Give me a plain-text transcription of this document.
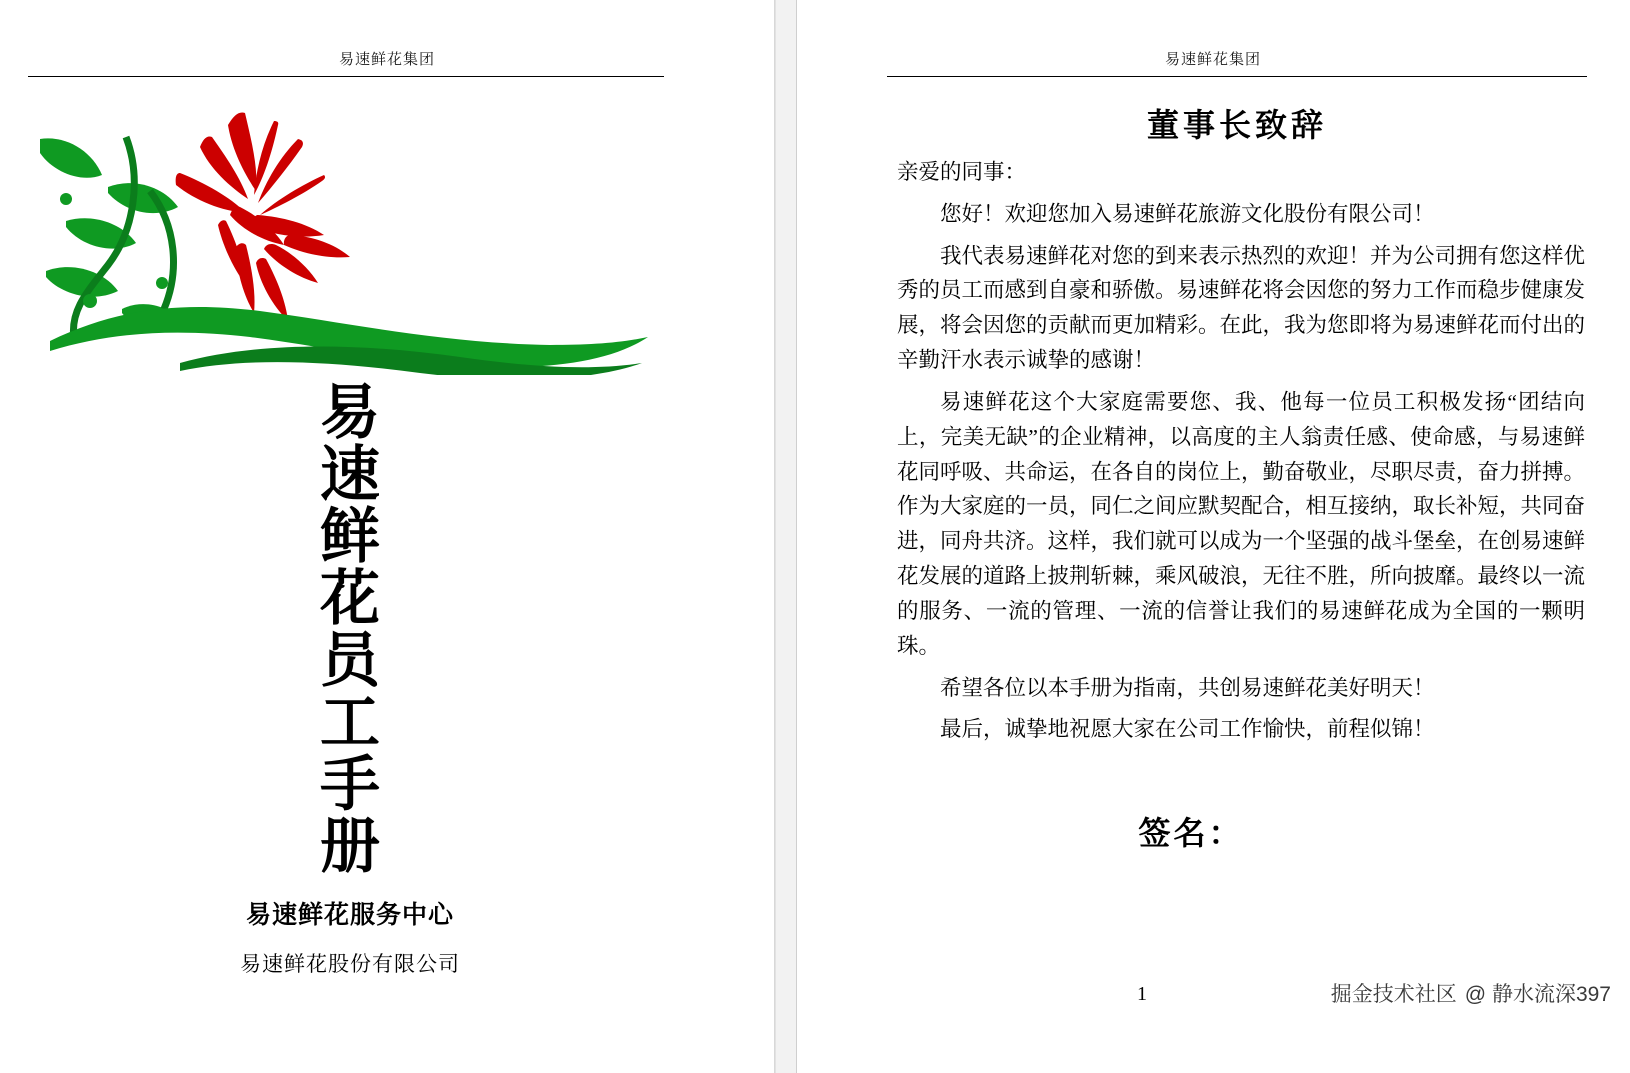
易速鲜花集团
易速鲜花员工手册
易速鲜花服务中心
易速鲜花股份有限公司
易速鲜花集团
董事长致辞

亲爱的同事：

您好！欢迎您加入易速鲜花旅游文化股份有限公司！

我代表易速鲜花对您的到来表示热烈的欢迎！并为公司拥有您这样优秀的员工而感到自豪和骄傲。易速鲜花将会因您的努力工作而稳步健康发展，将会因您的贡献而更加精彩。在此，我为您即将为易速鲜花而付出的辛勤汗水表示诚挚的感谢！

易速鲜花这个大家庭需要您、我、他每一位员工积极发扬“团结向上，完美无缺”的企业精神，以高度的主人翁责任感、使命感，与易速鲜花同呼吸、共命运，在各自的岗位上，勤奋敬业，尽职尽责，奋力拼搏。作为大家庭的一员，同仁之间应默契配合，相互接纳，取长补短，共同奋进，同舟共济。这样，我们就可以成为一个坚强的战斗堡垒，在创易速鲜花发展的道路上披荆斩棘，乘风破浪，无往不胜，所向披靡。最终以一流的服务、一流的管理、一流的信誉让我们的易速鲜花成为全国的一颗明珠。

希望各位以本手册为指南，共创易速鲜花美好明天！

最后，诚挚地祝愿大家在公司工作愉快，前程似锦！

签名：
1	掘金技术社区 @ 静水流深397
